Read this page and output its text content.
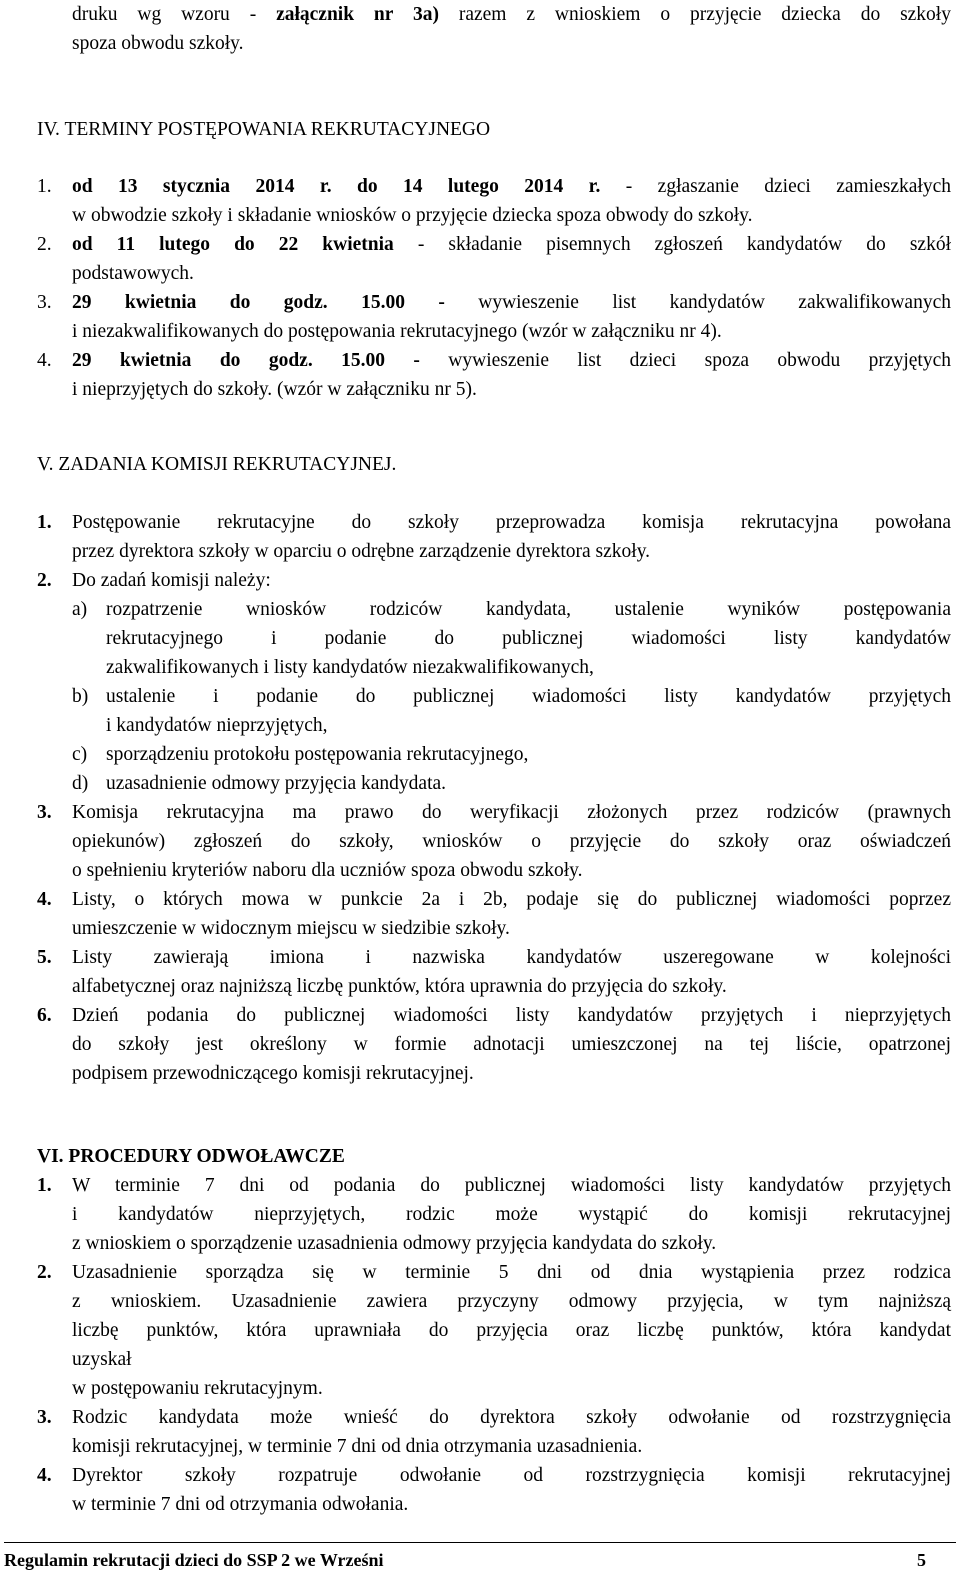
druku wg wzoru - załącznik nr 3a) razem z wnioskiem o przyjęcie dziecka do szkoły
spoza obwodu szkoły.
IV. TERMINY POSTĘPOWANIA REKRUTACYJNEGO
1. od 13 stycznia 2014 r. do 14 lutego 2014 r. - zgłaszanie dzieci zamieszkałych
w obwodzie szkoły i składanie wniosków o przyjęcie dziecka spoza obwody do szkoły.
2. od 11 lutego do 22 kwietnia - składanie pisemnych zgłoszeń kandydatów do szkół
podstawowych.
3. 29 kwietnia do godz. 15.00 - wywieszenie list kandydatów zakwalifikowanych
i niezakwalifikowanych do postępowania rekrutacyjnego (wzór w załączniku nr 4).
4. 29 kwietnia do godz. 15.00 - wywieszenie list dzieci spoza obwodu przyjętych
i nieprzyjętych do szkoły. (wzór w załączniku nr 5).
V. ZADANIA KOMISJI REKRUTACYJNEJ.
1. Postępowanie rekrutacyjne do szkoły przeprowadza komisja rekrutacyjna powołana
przez dyrektora szkoły w oparciu o odrębne zarządzenie dyrektora szkoły.
2. Do zadań komisji należy:
a) rozpatrzenie wniosków rodziców kandydata, ustalenie wyników postępowania
rekrutacyjnego i podanie do publicznej wiadomości listy kandydatów
zakwalifikowanych i listy kandydatów niezakwalifikowanych,
b) ustalenie i podanie do publicznej wiadomości listy kandydatów przyjętych
i kandydatów nieprzyjętych,
c) sporządzeniu protokołu postępowania rekrutacyjnego,
d) uzasadnienie odmowy przyjęcia kandydata.
3. Komisja rekrutacyjna ma prawo do weryfikacji złożonych przez rodziców (prawnych
opiekunów) zgłoszeń do szkoły, wniosków o przyjęcie do szkoły oraz oświadczeń
o spełnieniu kryteriów naboru dla uczniów spoza obwodu szkoły.
4. Listy, o których mowa w punkcie 2a i 2b, podaje się do publicznej wiadomości poprzez
umieszczenie w widocznym miejscu w siedzibie szkoły.
5. Listy zawierają imiona i nazwiska kandydatów uszeregowane w kolejności
alfabetycznej oraz najniższą liczbę punktów, która uprawnia do przyjęcia do szkoły.
6. Dzień podania do publicznej wiadomości listy kandydatów przyjętych i nieprzyjętych
do szkoły jest określony w formie adnotacji umieszczonej na tej liście, opatrzonej
podpisem przewodniczącego komisji rekrutacyjnej.
VI. PROCEDURY ODWOŁAWCZE
1. W terminie 7 dni od podania do publicznej wiadomości listy kandydatów przyjętych
i kandydatów nieprzyjętych, rodzic może wystąpić do komisji rekrutacyjnej
z wnioskiem o sporządzenie uzasadnienia odmowy przyjęcia kandydata do szkoły.
2. Uzasadnienie sporządza się w terminie 5 dni od dnia wystąpienia przez rodzica
z wnioskiem. Uzasadnienie zawiera przyczyny odmowy przyjęcia, w tym najniższą
liczbę punktów, która uprawniała do przyjęcia oraz liczbę punktów, która kandydat
uzyskał
w postępowaniu rekrutacyjnym.
3. Rodzic kandydata może wnieść do dyrektora szkoły odwołanie od rozstrzygnięcia
komisji rekrutacyjnej, w terminie 7 dni od dnia otrzymania uzasadnienia.
4. Dyrektor szkoły rozpatruje odwołanie od rozstrzygnięcia komisji rekrutacyjnej
w terminie 7 dni od otrzymania odwołania.
Regulamin rekrutacji dzieci do SSP 2 we Wrześni	5
